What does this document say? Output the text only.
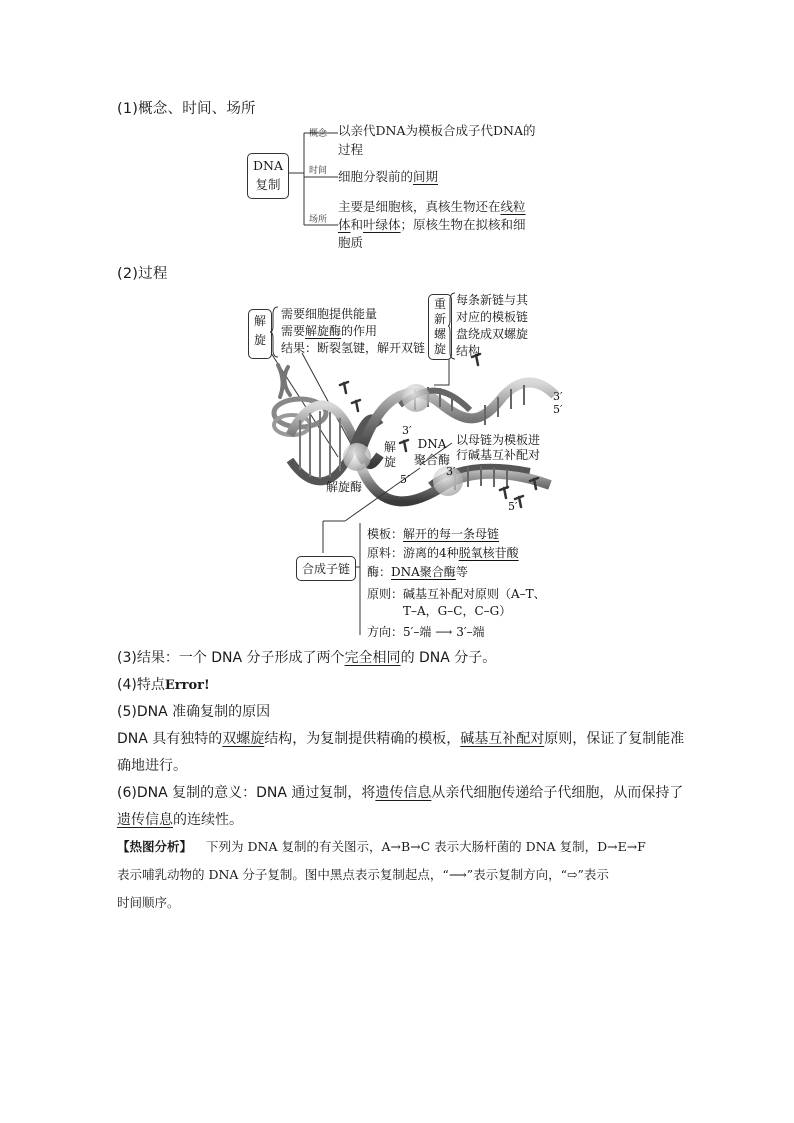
(1)概念、时间、场所
DNA
复制
概念
时间
场所
以亲代DNA为模板合成子代DNA的
过程
细胞分裂前的间期
主要是细胞核，真核生物还在线粒
体和叶绿体；原核生物在拟核和细
胞质
(2)过程
解旋
需要细胞提供能量
需要解旋酶的作用
结果：断裂氢键，解开双链
重新螺旋
每条新链与其
对应的模板链
盘绕成双螺旋
结构
解旋酶
解旋
DNA
聚合酶
以母链为模板进
行碱基互补配对
3′
5′
3′
3′
5′
5′
合成子链
模板：解开的每一条母链
原料：游离的4种脱氧核苷酸
酶：DNA聚合酶等
原则：碱基互补配对原则（A–T、
T–A，G–C，C–G）
方向：5′–端 ⟶ 3′–端
(3)结果：一个 DNA 分子形成了两个完全相同的 DNA 分子。
(4)特点Error!
(5)DNA 准确复制的原因
DNA 具有独特的双螺旋结构，为复制提供精确的模板，碱基互补配对原则，保证了复制能准
确地进行。
(6)DNA 复制的意义：DNA 通过复制，将遗传信息从亲代细胞传递给子代细胞，从而保持了
遗传信息的连续性。
【热图分析】 下列为 DNA 复制的有关图示，A→B→C 表示大肠杆菌的 DNA 复制，D→E→F
表示哺乳动物的 DNA 分子复制。图中黑点表示复制起点，“⟶”表示复制方向，“⇨”表示
时间顺序。
